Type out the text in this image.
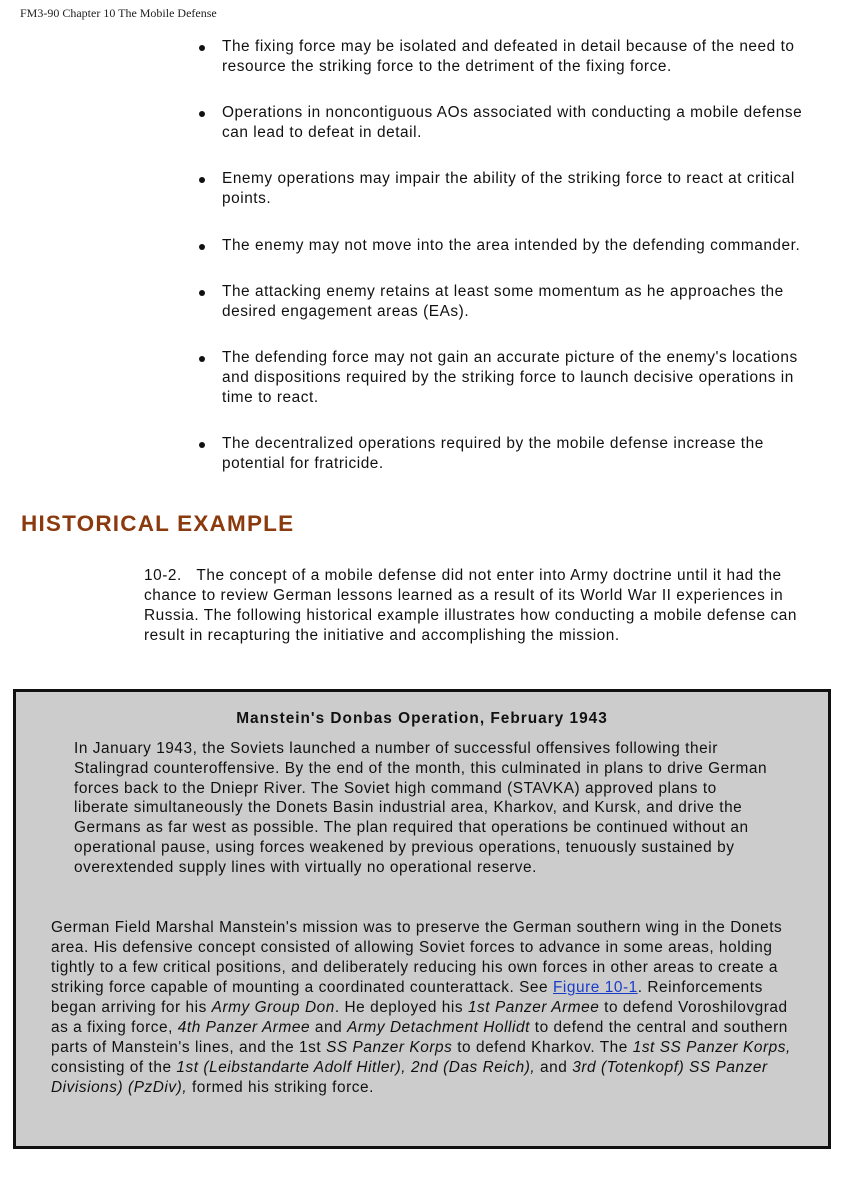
FM3-90 Chapter 10 The Mobile Defense
The fixing force may be isolated and defeated in detail because of the need to resource the striking force to the detriment of the fixing force.
Operations in noncontiguous AOs associated with conducting a mobile defense can lead to defeat in detail.
Enemy operations may impair the ability of the striking force to react at critical points.
The enemy may not move into the area intended by the defending commander.
The attacking enemy retains at least some momentum as he approaches the desired engagement areas (EAs).
The defending force may not gain an accurate picture of the enemy's locations and dispositions required by the striking force to launch decisive operations in time to react.
The decentralized operations required by the mobile defense increase the potential for fratricide.
HISTORICAL EXAMPLE

10-2. The concept of a mobile defense did not enter into Army doctrine until it had the chance to review German lessons learned as a result of its World War II experiences in Russia. The following historical example illustrates how conducting a mobile defense can result in recapturing the initiative and accomplishing the mission.

Manstein's Donbas Operation, February 1943

In January 1943, the Soviets launched a number of successful offensives following their Stalingrad counteroffensive. By the end of the month, this culminated in plans to drive German forces back to the Dniepr River. The Soviet high command (STAVKA) approved plans to liberate simultaneously the Donets Basin industrial area, Kharkov, and Kursk, and drive the Germans as far west as possible. The plan required that operations be continued without an operational pause, using forces weakened by previous operations, tenuously sustained by overextended supply lines with virtually no operational reserve.

German Field Marshal Manstein's mission was to preserve the German southern wing in the Donets area. His defensive concept consisted of allowing Soviet forces to advance in some areas, holding tightly to a few critical positions, and deliberately reducing his own forces in other areas to create a striking force capable of mounting a coordinated counterattack. See Figure 10-1. Reinforcements began arriving for his Army Group Don. He deployed his 1st Panzer Armee to defend Voroshilovgrad as a fixing force, 4th Panzer Armee and Army Detachment Hollidt to defend the central and southern parts of Manstein's lines, and the 1st SS Panzer Korps to defend Kharkov. The 1st SS Panzer Korps, consisting of the 1st (Leibstandarte Adolf Hitler), 2nd (Das Reich), and 3rd (Totenkopf) SS Panzer Divisions) (PzDiv), formed his striking force.
